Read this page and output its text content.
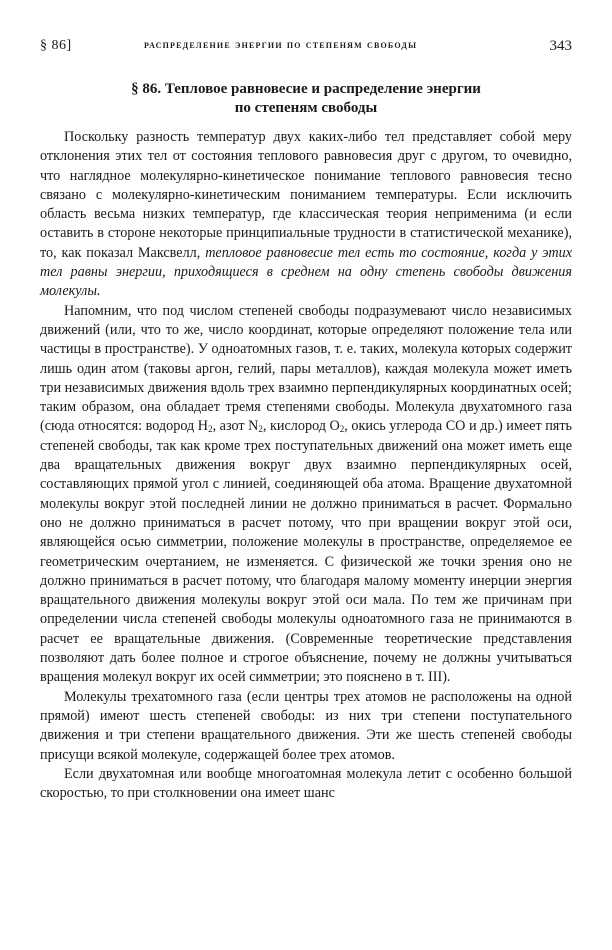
§ 86]	распределение энергии по степеням свободы	343
§ 86. Тепловое равновесие и распределение энергии
по степеням свободы

Поскольку разность температур двух каких-либо тел представляет собой меру отклонения этих тел от состояния теплового равновесия друг с другом, то очевидно, что наглядное молекулярно-кинетическое понимание теплового равновесия тесно связано с молекулярно-кинетическим пониманием температуры. Если исключить область весьма низких температур, где классическая теория неприменима (и если оставить в стороне некоторые принципиальные трудности в статистической механике), то, как показал Максвелл, тепловое равновесие тел есть то состояние, когда у этих тел равны энергии, приходящиеся в среднем на одну степень свободы движения молекулы.

Напомним, что под числом степеней свободы подразумевают число независимых движений (или, что то же, число координат, которые определяют положение тела или частицы в пространстве). У одноатомных газов, т. е. таких, молекула которых содержит лишь один атом (таковы аргон, гелий, пары металлов), каждая молекула может иметь три независимых движения вдоль трех взаимно перпендикулярных координатных осей; таким образом, она обладает тремя степенями свободы. Молекула двухатомного газа (сюда относятся: водород $H_2$, азот $N_2$, кислород $O_2$, окись углерода CO и др.) имеет пять степеней свободы, так как кроме трех поступательных движений она может иметь еще два вращательных движения вокруг двух взаимно перпендикулярных осей, составляющих прямой угол с линией, соединяющей оба атома. Вращение двухатомной молекулы вокруг этой последней линии не должно приниматься в расчет. Формально оно не должно приниматься в расчет потому, что при вращении вокруг этой оси, являющейся осью симметрии, положение молекулы в пространстве, определяемое ее геометрическим очертанием, не изменяется. С физической же точки зрения оно не должно приниматься в расчет потому, что благодаря малому моменту инерции энергия вращательного движения молекулы вокруг этой оси мала. По тем же причинам при определении числа степеней свободы молекулы одноатомного газа не принимаются в расчет ее вращательные движения. (Современные теоретические представления позволяют дать более полное и строгое объяснение, почему не должны учитываться вращения молекул вокруг их осей симметрии; это пояснено в т. III).

Молекулы трехатомного газа (если центры трех атомов не расположены на одной прямой) имеют шесть степеней свободы: из них три степени поступательного движения и три степени вращательного движения. Эти же шесть степеней свободы присущи всякой молекуле, содержащей более трех атомов.

Если двухатомная или вообще многоатомная молекула летит с особенно большой скоростью, то при столкновении она имеет шанс
